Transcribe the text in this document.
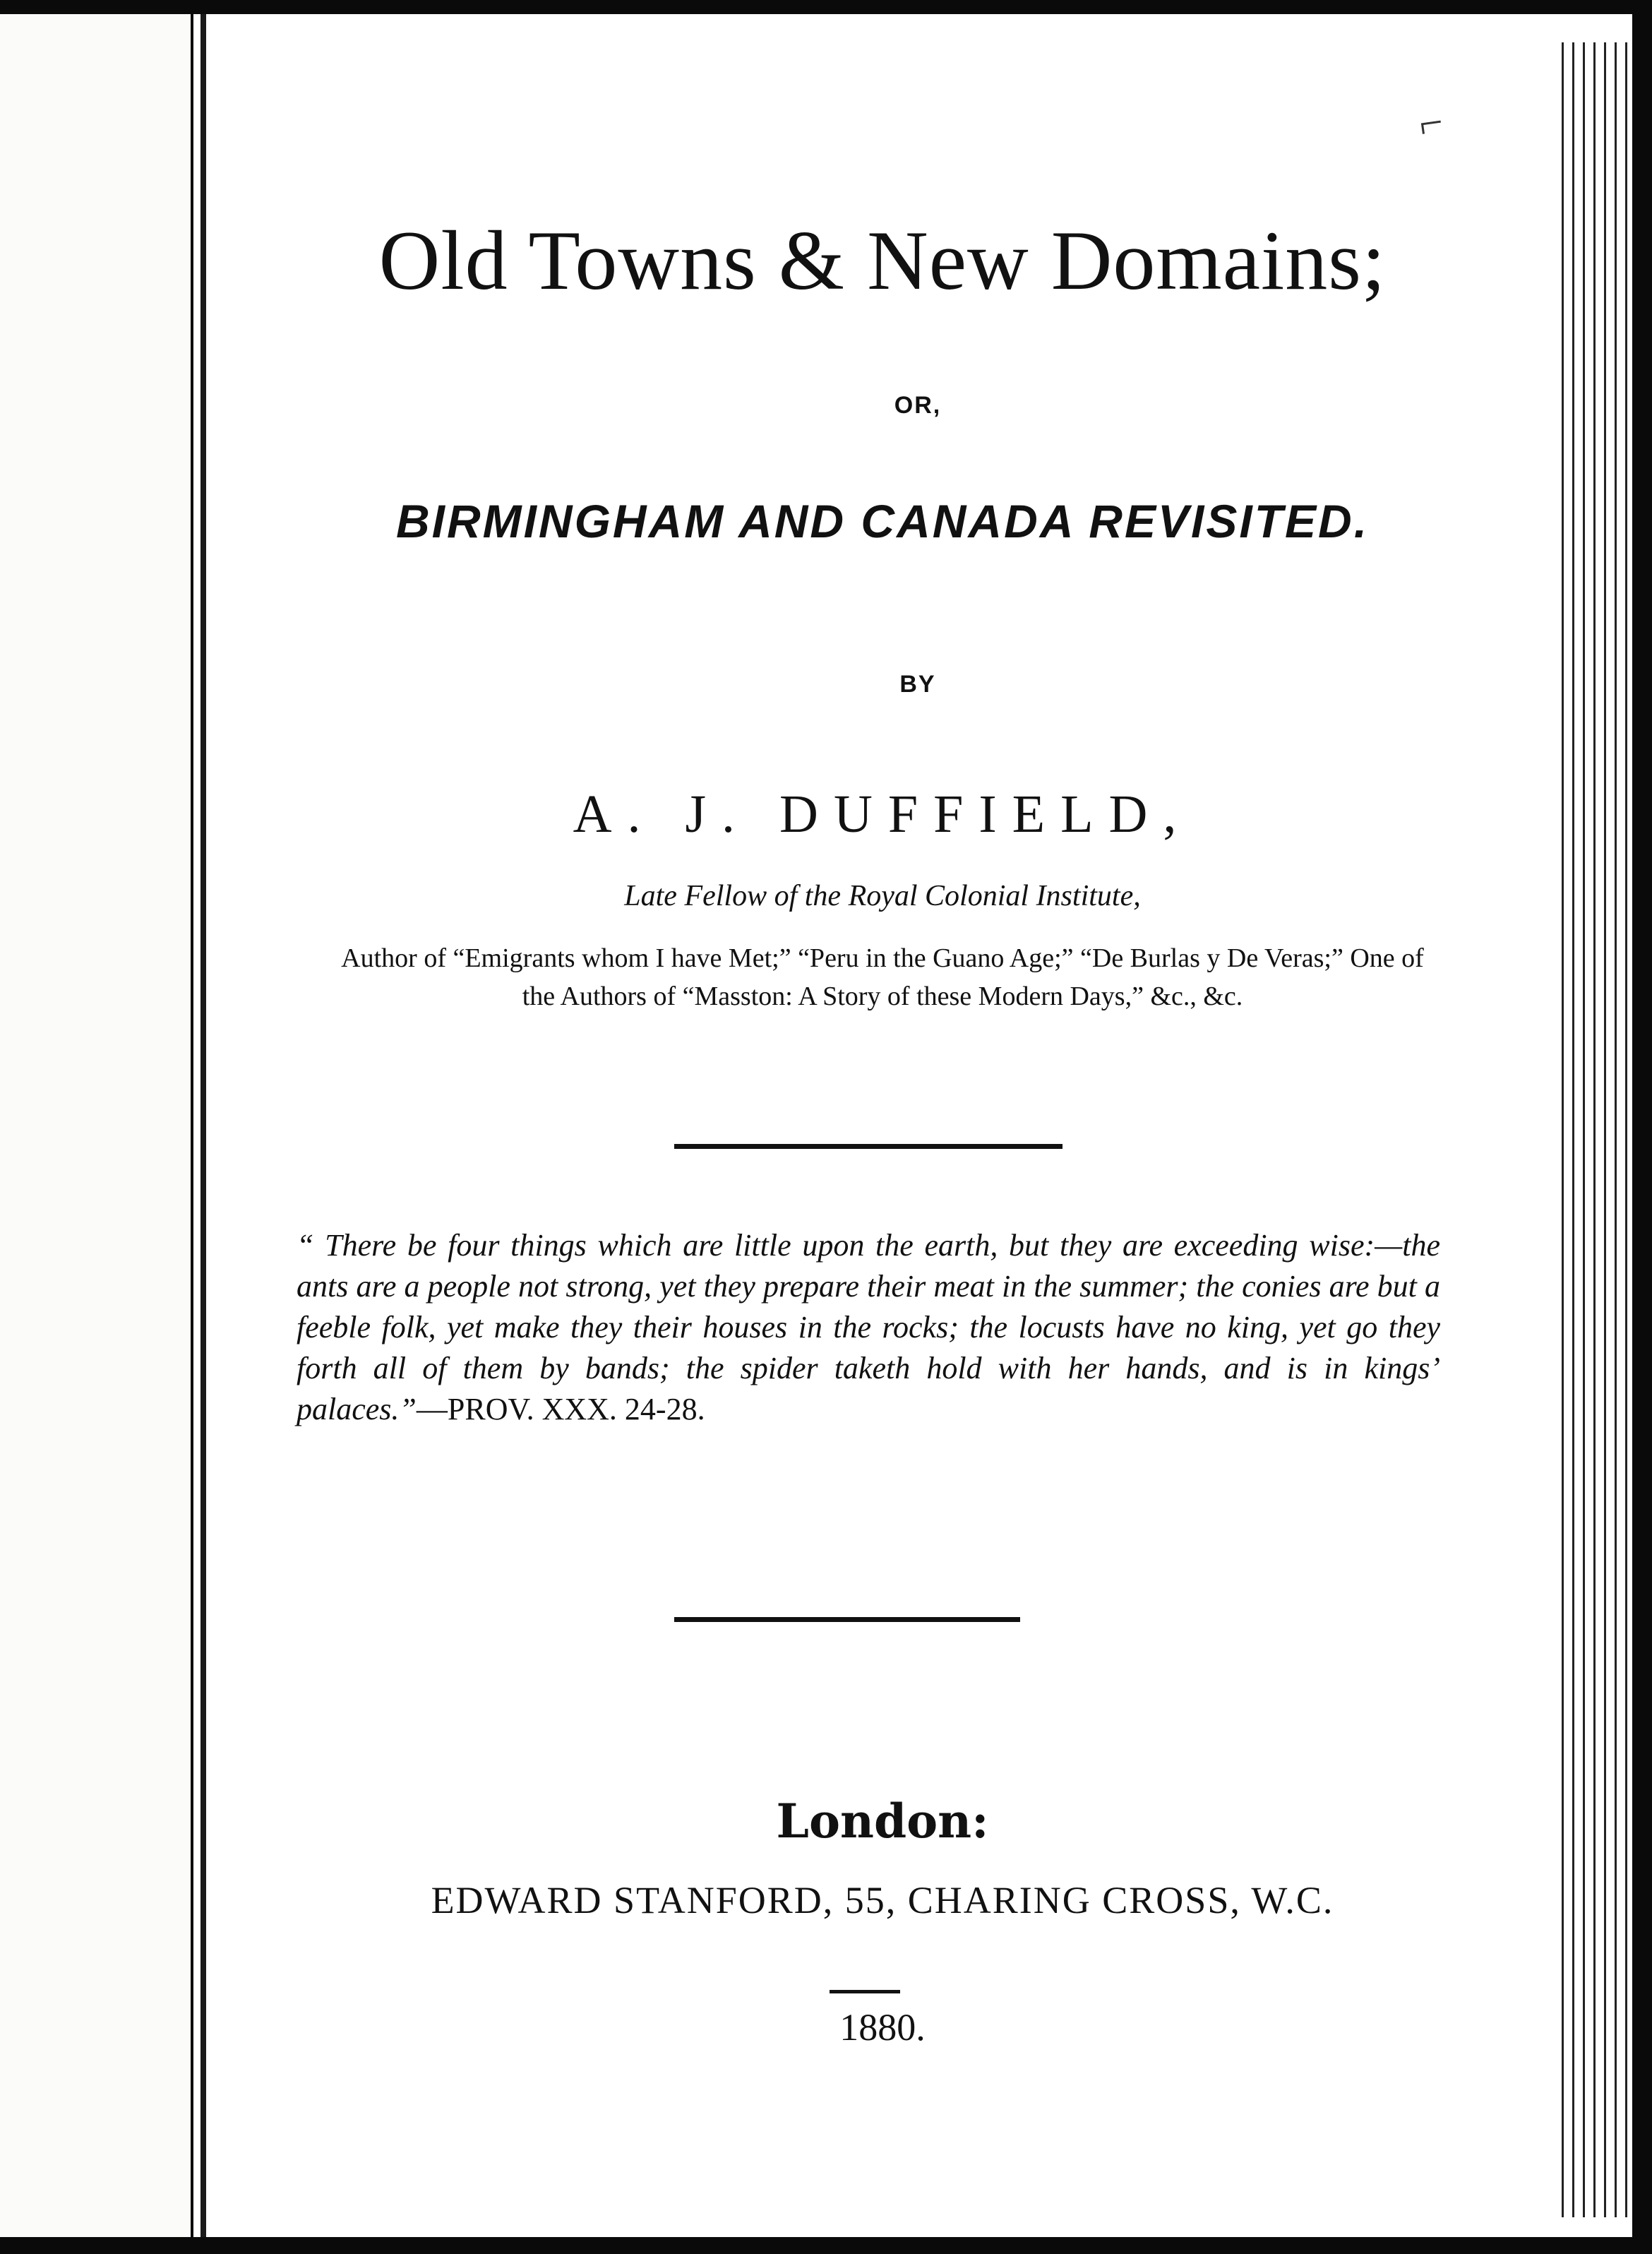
⌐
Old Towns & New Domains;
OR,
BIRMINGHAM AND CANADA REVISITED.
BY
A. J. DUFFIELD,
Late Fellow of the Royal Colonial Institute,
Author of “Emigrants whom I have Met;” “Peru in the Guano Age;” “De Burlas y De Veras;” One of the Authors of “Masston: A Story of these Modern Days,” &c., &c.
“ There be four things which are little upon the earth, but they are exceeding wise:—the ants are a people not strong, yet they prepare their meat in the summer; the conies are but a feeble folk, yet make they their houses in the rocks; the locusts have no king, yet go they forth all of them by bands; the spider taketh hold with her hands, and is in kings’ palaces.”—PROV. XXX. 24-28.
London:
EDWARD STANFORD, 55, CHARING CROSS, W.C.
1880.
